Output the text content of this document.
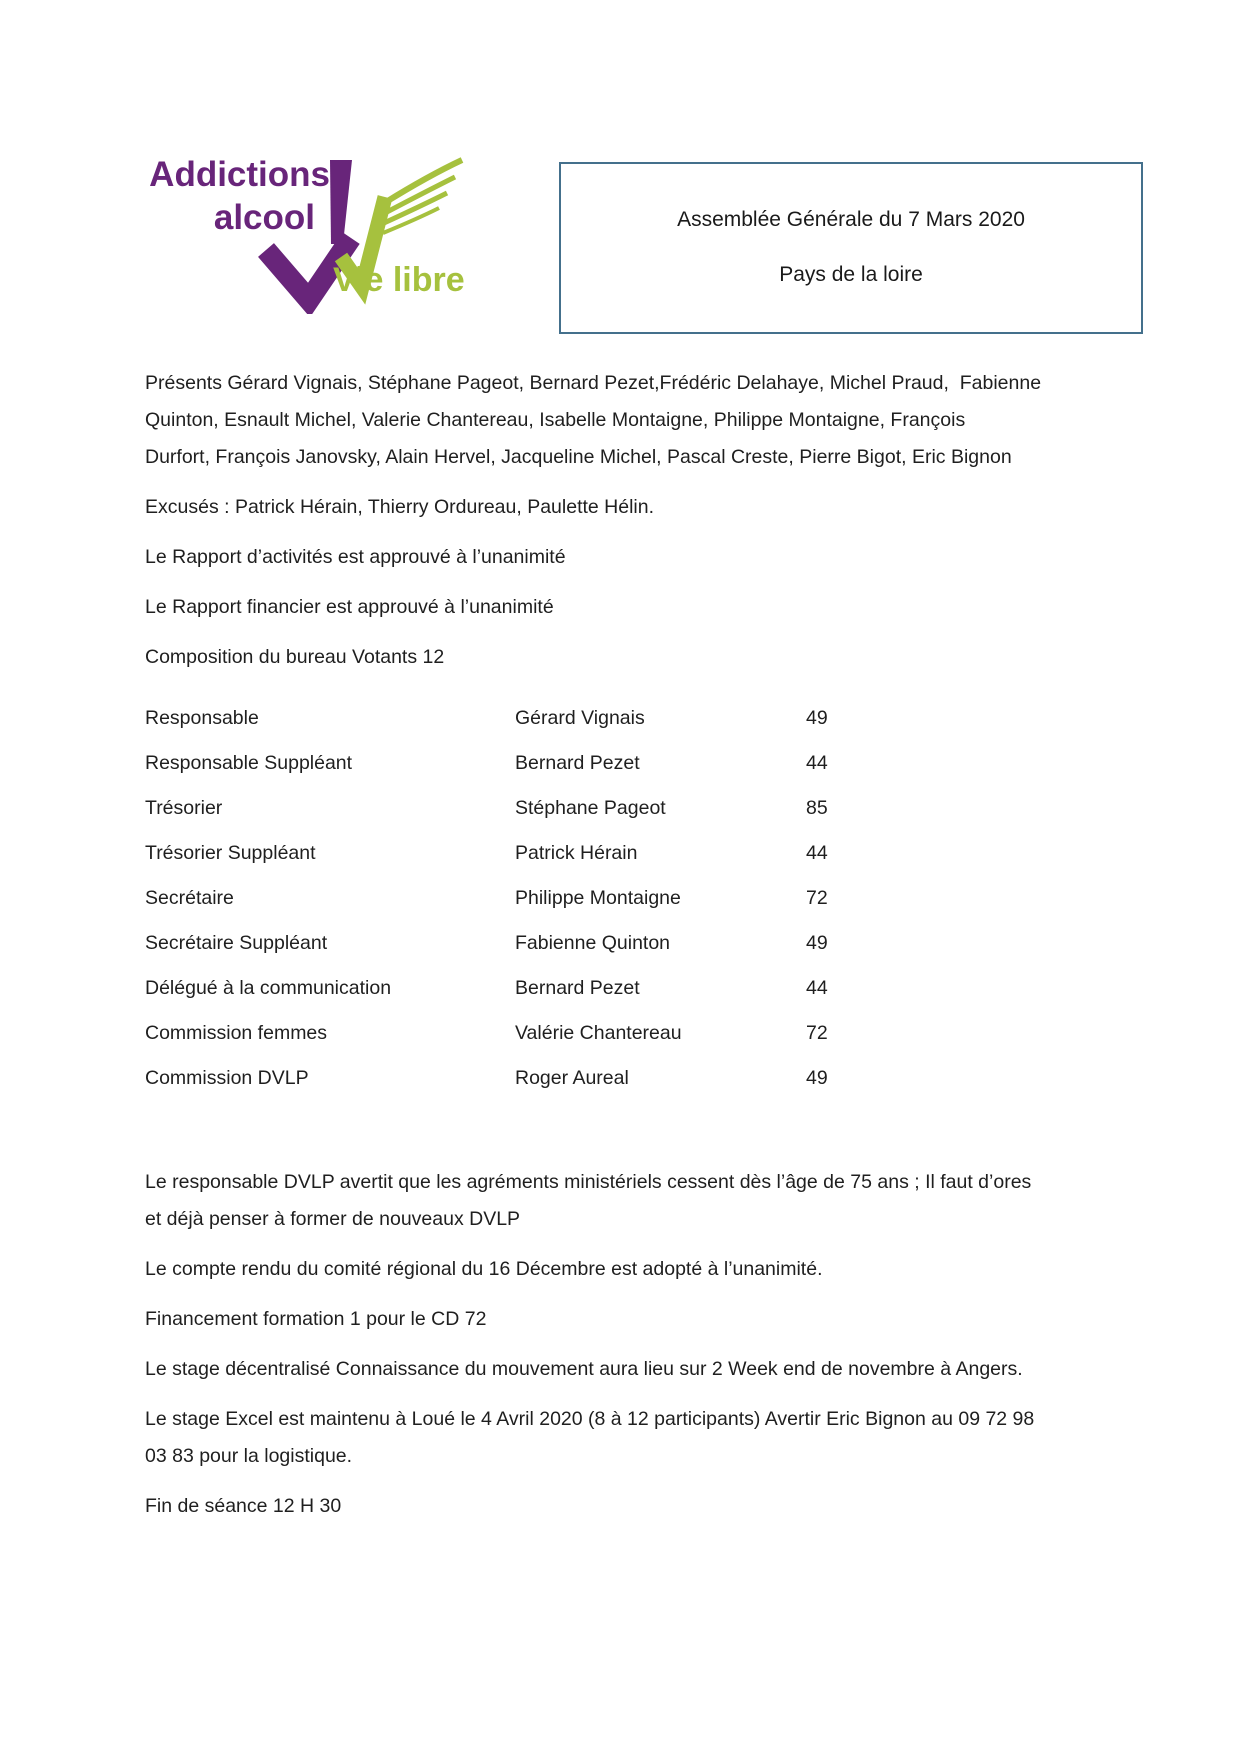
Addictions
alcool
Vie libre
Assemblée Générale du 7 Mars 2020
Pays de la loire
Présents Gérard Vignais, Stéphane Pageot, Bernard Pezet,Frédéric Delahaye, Michel Praud,  Fabienne
Quinton, Esnault Michel, Valerie Chantereau, Isabelle Montaigne, Philippe Montaigne, François
Durfort, François Janovsky, Alain Hervel, Jacqueline Michel, Pascal Creste, Pierre Bigot, Eric Bignon
Excusés : Patrick Hérain, Thierry Ordureau, Paulette Hélin.
Le Rapport d’activités est approuvé à l’unanimité
Le Rapport financier est approuvé à l’unanimité
Composition du bureau Votants 12
Responsable	Gérard Vignais	49
Responsable Suppléant	Bernard Pezet	44
Trésorier	Stéphane Pageot	85
Trésorier Suppléant	Patrick Hérain	44
Secrétaire	Philippe Montaigne	72
Secrétaire Suppléant	Fabienne Quinton	49
Délégué à la communication	Bernard Pezet	44
Commission femmes	Valérie Chantereau	72
Commission DVLP	Roger Aureal	49
Le responsable DVLP avertit que les agréments ministériels cessent dès l’âge de 75 ans ; Il faut d’ores
et déjà penser à former de nouveaux DVLP
Le compte rendu du comité régional du 16 Décembre est adopté à l’unanimité.
Financement formation 1 pour le CD 72
Le stage décentralisé Connaissance du mouvement aura lieu sur 2 Week end de novembre à Angers.
Le stage Excel est maintenu à Loué le 4 Avril 2020 (8 à 12 participants) Avertir Eric Bignon au 09 72 98
03 83 pour la logistique.
Fin de séance 12 H 30
